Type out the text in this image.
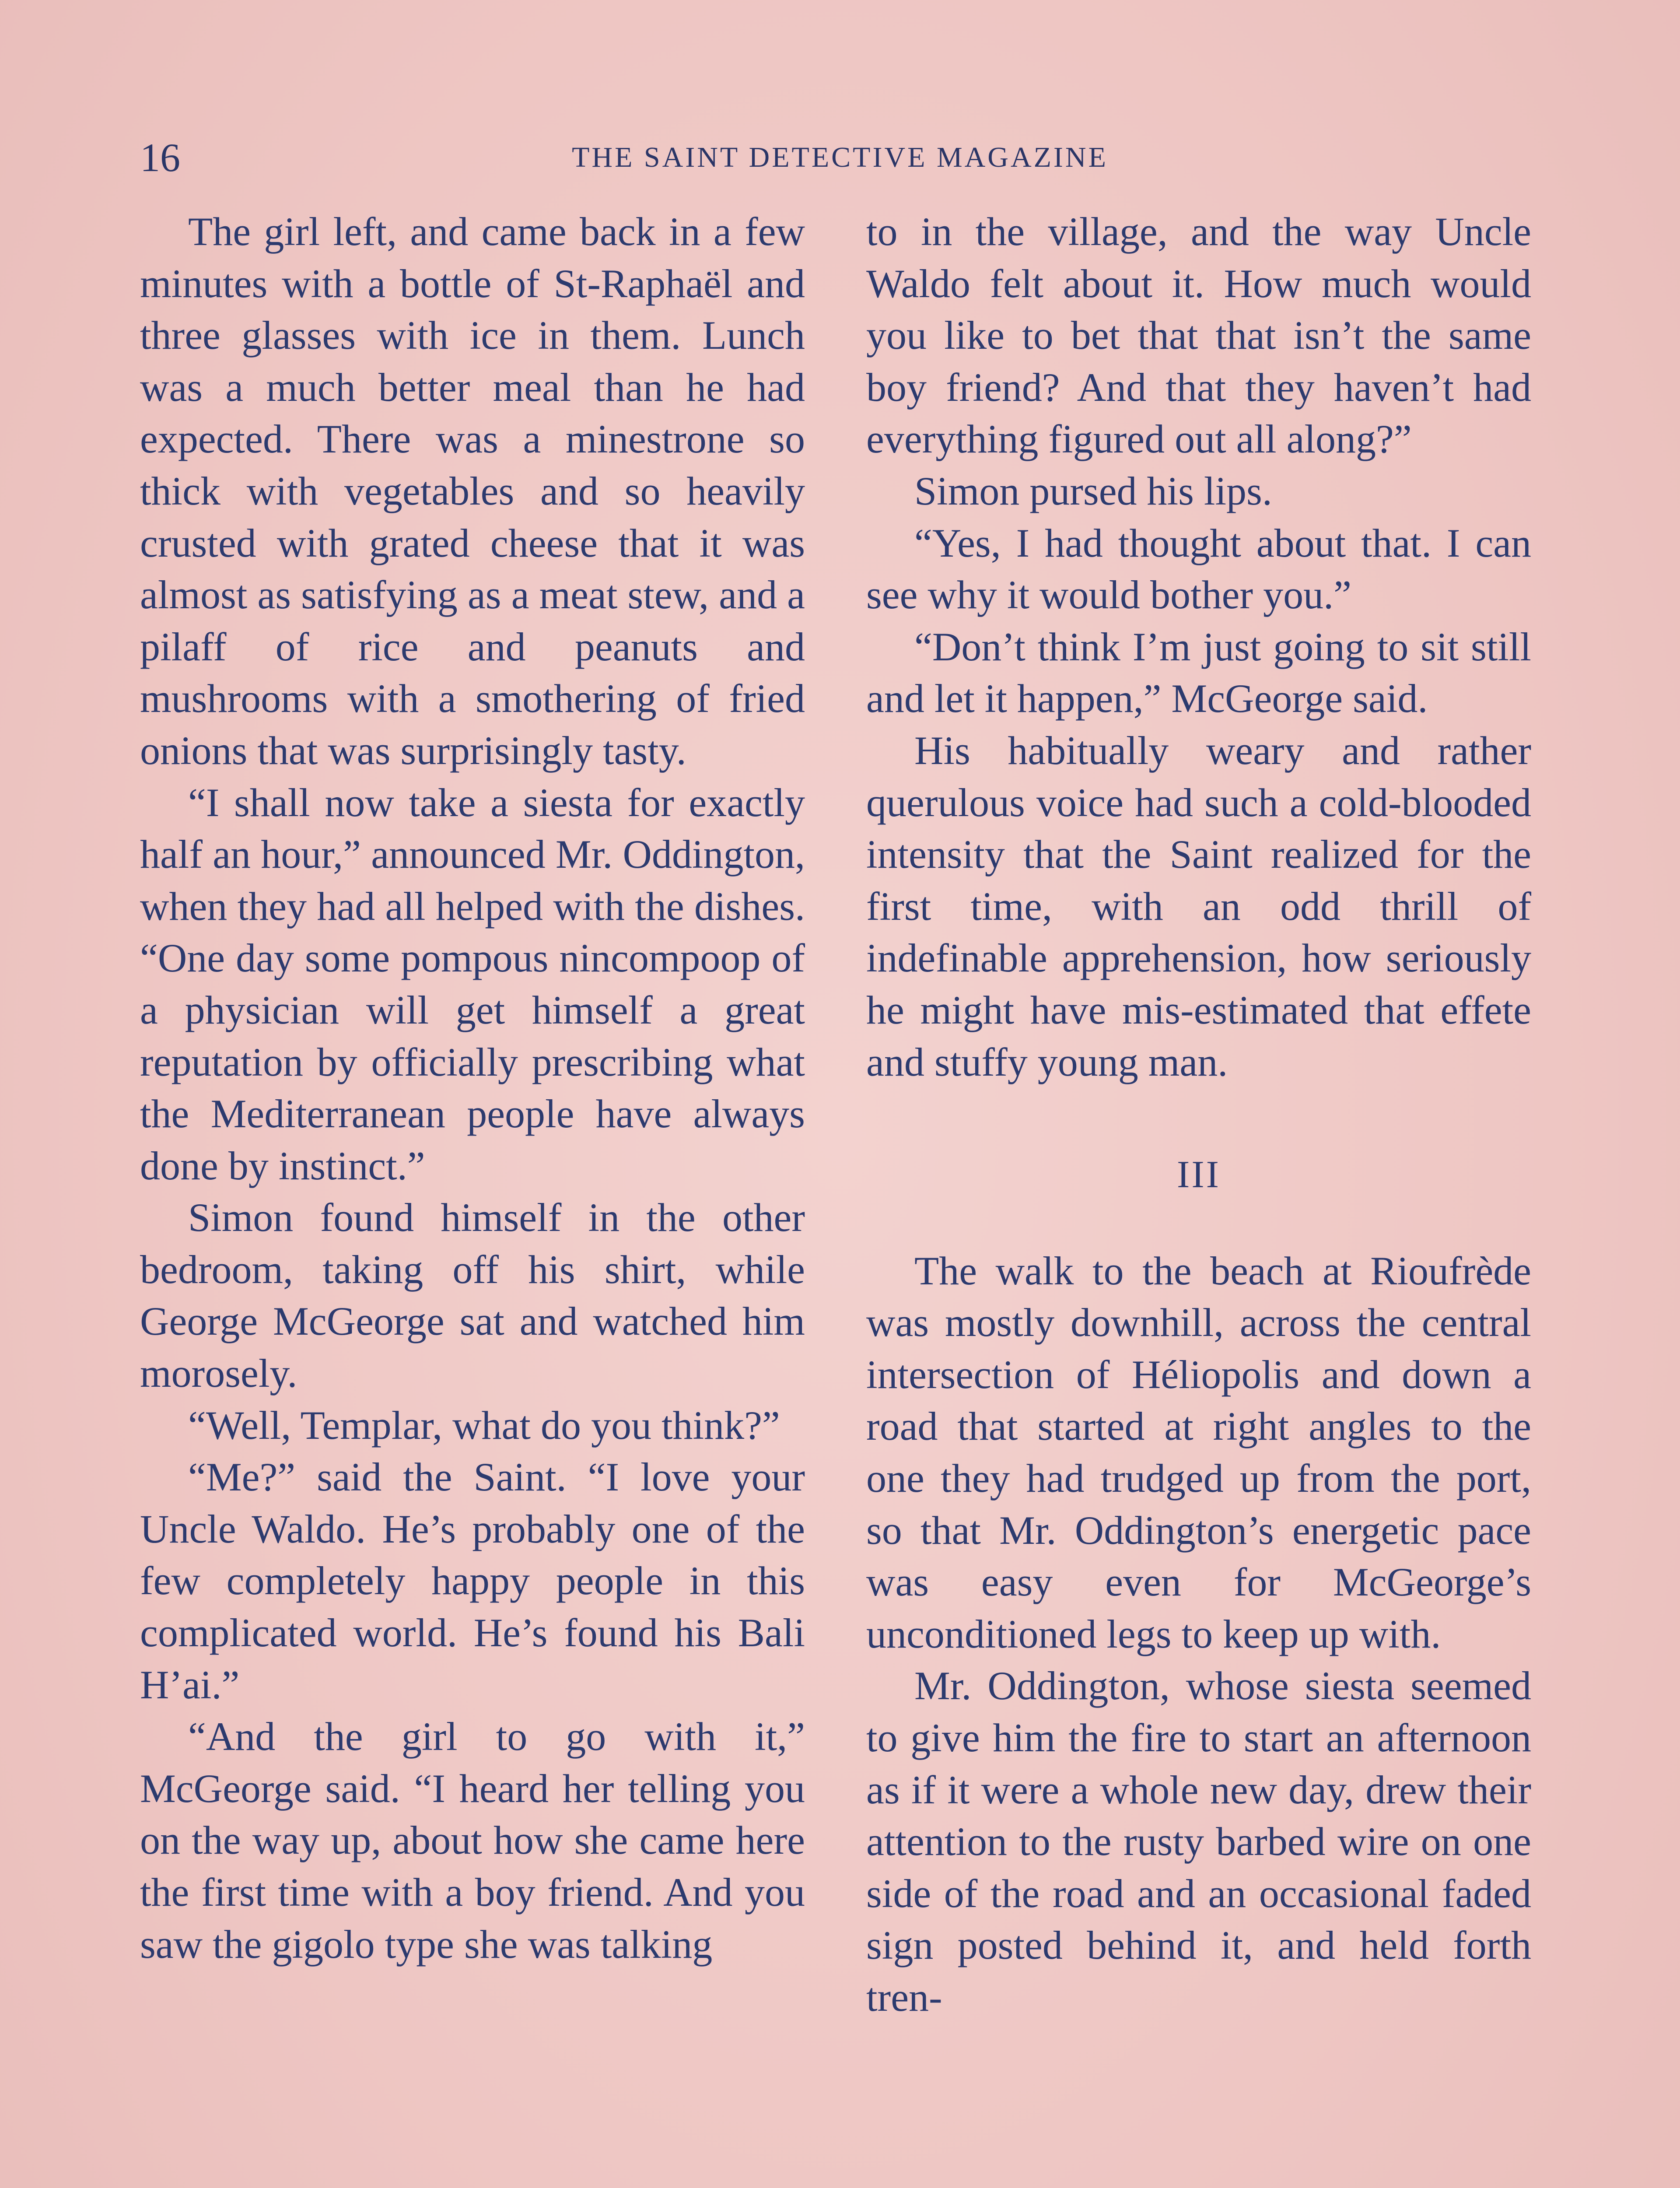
16	THE SAINT DETECTIVE MAGAZINE

The girl left, and came back in a few minutes with a bottle of St-Raphaël and three glasses with ice in them. Lunch was a much better meal than he had expected. There was a minestrone so thick with vegetables and so heavily crusted with grated cheese that it was almost as satisfying as a meat stew, and a pilaff of rice and peanuts and mushrooms with a smothering of fried onions that was surprisingly tasty.

“I shall now take a siesta for exactly half an hour,” announced Mr. Oddington, when they had all helped with the dishes. “One day some pompous nincompoop of a physician will get himself a great reputation by officially prescribing what the Mediterranean people have always done by instinct.”

Simon found himself in the other bedroom, taking off his shirt, while George McGeorge sat and watched him morosely.

“Well, Templar, what do you think?”

“Me?” said the Saint. “I love your Uncle Waldo. He’s probably one of the few completely happy people in this complicated world. He’s found his Bali H’ai.”

“And the girl to go with it,” McGeorge said. “I heard her telling you on the way up, about how she came here the first time with a boy friend. And you saw the gigolo type she was talking

to in the village, and the way Uncle Waldo felt about it. How much would you like to bet that that isn’t the same boy friend? And that they haven’t had everything figured out all along?”

Simon pursed his lips.

“Yes, I had thought about that. I can see why it would bother you.”

“Don’t think I’m just going to sit still and let it happen,” McGeorge said.

His habitually weary and rather querulous voice had such a cold-blooded intensity that the Saint realized for the first time, with an odd thrill of indefinable apprehension, how seriously he might have mis-estimated that effete and stuffy young man.

III

The walk to the beach at Rioufrède was mostly downhill, across the central intersection of Héliopolis and down a road that started at right angles to the one they had trudged up from the port, so that Mr. Oddington’s energetic pace was easy even for McGeorge’s unconditioned legs to keep up with.

Mr. Oddington, whose siesta seemed to give him the fire to start an afternoon as if it were a whole new day, drew their attention to the rusty barbed wire on one side of the road and an occasional faded sign posted behind it, and held forth tren-
